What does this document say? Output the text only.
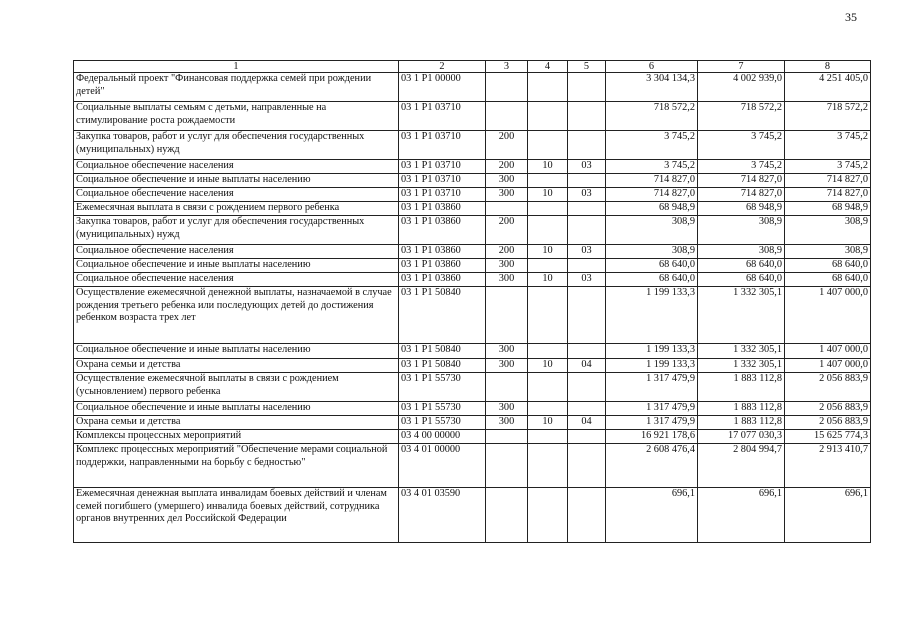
35
1	2	3	4	5	6	7	8
Федеральный проект "Финансовая поддержка семей при рождении детей"	03 1 Р1 00000				3 304 134,3	4 002 939,0	4 251 405,0
Социальные выплаты семьям с детьми, направленные на стимулирование роста рождаемости	03 1 Р1 03710				718 572,2	718 572,2	718 572,2
Закупка товаров, работ и услуг для обеспечения государственных (муниципальных) нужд	03 1 Р1 03710	200			3 745,2	3 745,2	3 745,2
Социальное обеспечение населения	03 1 Р1 03710	200	10	03	3 745,2	3 745,2	3 745,2
Социальное обеспечение и иные выплаты населению	03 1 Р1 03710	300			714 827,0	714 827,0	714 827,0
Социальное обеспечение населения	03 1 Р1 03710	300	10	03	714 827,0	714 827,0	714 827,0
Ежемесячная выплата в связи с рождением первого ребенка	03 1 Р1 03860				68 948,9	68 948,9	68 948,9
Закупка товаров, работ и услуг для обеспечения государственных (муниципальных) нужд	03 1 Р1 03860	200			308,9	308,9	308,9
Социальное обеспечение населения	03 1 Р1 03860	200	10	03	308,9	308,9	308,9
Социальное обеспечение и иные выплаты населению	03 1 Р1 03860	300			68 640,0	68 640,0	68 640,0
Социальное обеспечение населения	03 1 Р1 03860	300	10	03	68 640,0	68 640,0	68 640,0
Осуществление ежемесячной денежной выплаты, назначаемой в случае рождения третьего ребенка или последующих детей до достижения ребенком возраста трех лет	03 1 Р1 50840				1 199 133,3	1 332 305,1	1 407 000,0
Социальное обеспечение и иные выплаты населению	03 1 Р1 50840	300			1 199 133,3	1 332 305,1	1 407 000,0
Охрана семьи и детства	03 1 Р1 50840	300	10	04	1 199 133,3	1 332 305,1	1 407 000,0
Осуществление ежемесячной выплаты в связи с рождением (усыновлением) первого ребенка	03 1 Р1 55730				1 317 479,9	1 883 112,8	2 056 883,9
Социальное обеспечение и иные выплаты населению	03 1 Р1 55730	300			1 317 479,9	1 883 112,8	2 056 883,9
Охрана семьи и детства	03 1 Р1 55730	300	10	04	1 317 479,9	1 883 112,8	2 056 883,9
Комплексы процессных мероприятий	03 4 00 00000				16 921 178,6	17 077 030,3	15 625 774,3
Комплекс процессных мероприятий "Обеспечение мерами социальной поддержки, направленными на борьбу с бедностью"	03 4 01 00000				2 608 476,4	2 804 994,7	2 913 410,7
Ежемесячная денежная выплата инвалидам боевых действий и членам семей погибшего (умершего) инвалида боевых действий, сотрудника органов внутренних дел Российской Федерации	03 4 01 03590				696,1	696,1	696,1
